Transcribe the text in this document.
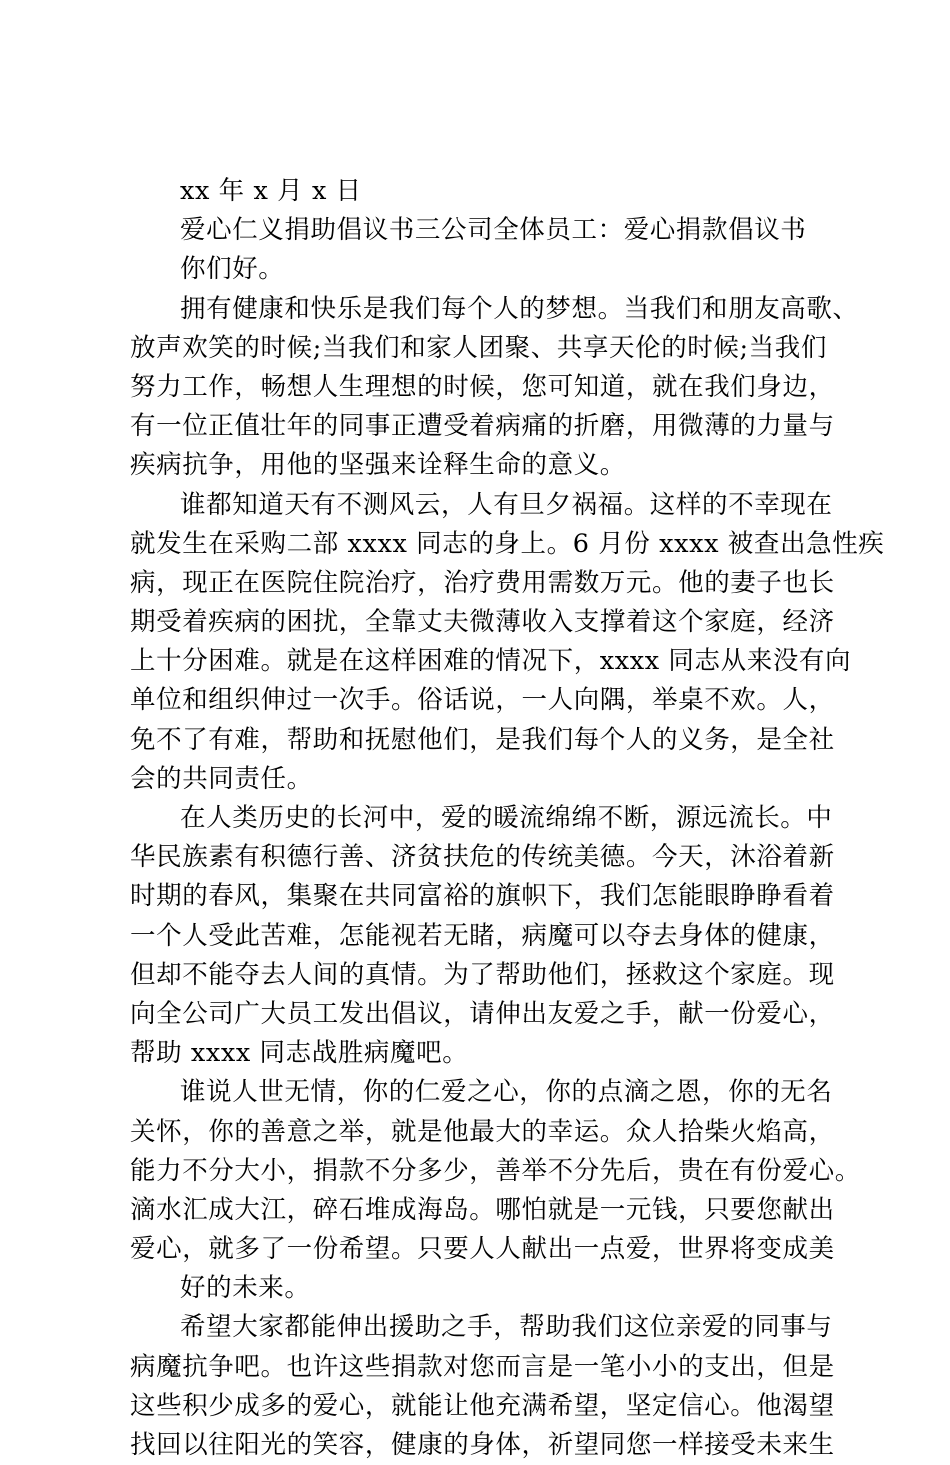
xx 年 x 月 x 日
爱心仁义捐助倡议书三公司全体员工：爱心捐款倡议书
你们好。
拥有健康和快乐是我们每个人的梦想。当我们和朋友高歌、
放声欢笑的时候;当我们和家人团聚、共享天伦的时候;当我们
努力工作，畅想人生理想的时候，您可知道，就在我们身边，
有一位正值壮年的同事正遭受着病痛的折磨，用微薄的力量与
疾病抗争，用他的坚强来诠释生命的意义。
谁都知道天有不测风云，人有旦夕祸福。这样的不幸现在
就发生在采购二部 xxxx 同志的身上。6 月份 xxxx 被查出急性疾
病，现正在医院住院治疗，治疗费用需数万元。他的妻子也长
期受着疾病的困扰，全靠丈夫微薄收入支撑着这个家庭，经济
上十分困难。就是在这样困难的情况下，xxxx 同志从来没有向
单位和组织伸过一次手。俗话说，一人向隅，举桌不欢。人，
免不了有难，帮助和抚慰他们，是我们每个人的义务，是全社
会的共同责任。
在人类历史的长河中，爱的暖流绵绵不断，源远流长。中
华民族素有积德行善、济贫扶危的传统美德。今天，沐浴着新
时期的春风，集聚在共同富裕的旗帜下，我们怎能眼睁睁看着
一个人受此苦难，怎能视若无睹，病魔可以夺去身体的健康，
但却不能夺去人间的真情。为了帮助他们，拯救这个家庭。现
向全公司广大员工发出倡议，请伸出友爱之手，献一份爱心，
帮助 xxxx 同志战胜病魔吧。
谁说人世无情，你的仁爱之心，你的点滴之恩，你的无名
关怀，你的善意之举，就是他最大的幸运。众人拾柴火焰高，
能力不分大小，捐款不分多少，善举不分先后，贵在有份爱心。
滴水汇成大江，碎石堆成海岛。哪怕就是一元钱，只要您献出
爱心，就多了一份希望。只要人人献出一点爱，世界将变成美
好的未来。
希望大家都能伸出援助之手，帮助我们这位亲爱的同事与
病魔抗争吧。也许这些捐款对您而言是一笔小小的支出，但是
这些积少成多的爱心，就能让他充满希望，坚定信心。他渴望
找回以往阳光的笑容，健康的身体，祈望同您一样接受未来生
